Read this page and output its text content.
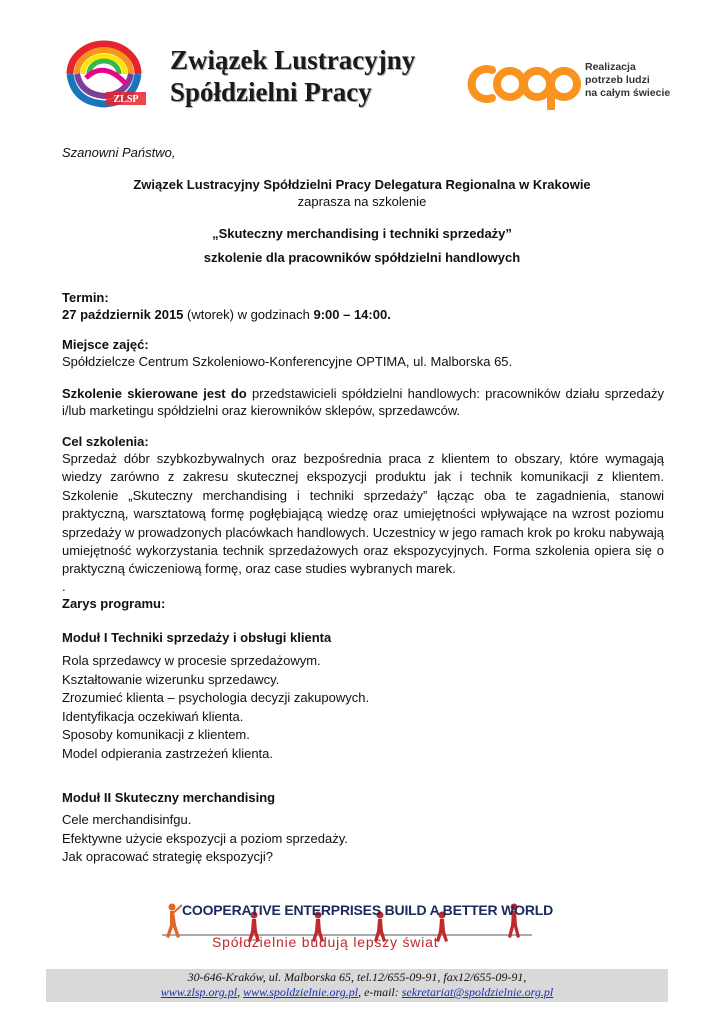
ZLSP
Związek Lustracyjny
Spółdzielni Pracy
coop
Realizacja
potrzeb ludzi
na całym świecie
Szanowni Państwo,
Związek Lustracyjny Spółdzielni Pracy Delegatura Regionalna w Krakowie
zaprasza na szkolenie
„Skuteczny merchandising i techniki sprzedaży”
szkolenie dla pracowników spółdzielni handlowych
Termin:
27 październik 2015 (wtorek) w godzinach 9:00 – 14:00.
Miejsce zajęć:
Spółdzielcze Centrum Szkoleniowo-Konferencyjne OPTIMA, ul. Malborska 65.
Szkolenie skierowane jest do przedstawicieli spółdzielni handlowych: pracowników działu sprzedaży i/lub marketingu spółdzielni oraz kierowników sklepów, sprzedawców.
Cel szkolenia:
Sprzedaż dóbr szybkozbywalnych oraz bezpośrednia praca z klientem to obszary, które wymagają wiedzy zarówno z zakresu skutecznej ekspozycji produktu jak i technik komunikacji z klientem. Szkolenie „Skuteczny merchandising i techniki sprzedaży” łącząc oba te zagadnienia, stanowi praktyczną, warsztatową formę pogłębiającą wiedzę oraz umiejętności wpływające na wzrost poziomu sprzedaży w prowadzonych placówkach handlowych. Uczestnicy w jego ramach krok po kroku nabywają umiejętność wykorzystania technik sprzedażowych oraz ekspozycyjnych. Forma szkolenia opiera się o praktyczną ćwiczeniową formę, oraz case studies wybranych marek.
.
Zarys programu:
Moduł I Techniki sprzedaży i obsługi klienta
Rola sprzedawcy w procesie sprzedażowym.
Kształtowanie wizerunku sprzedawcy.
Zrozumieć klienta – psychologia decyzji zakupowych.
Identyfikacja oczekiwań klienta.
Sposoby komunikacji z klientem.
Model odpierania zastrzeżeń klienta.
Moduł II Skuteczny merchandising
Cele merchandisinfgu.
Efektywne użycie ekspozycji a poziom sprzedaży.
Jak opracować strategię ekspozycji?
COOPERATIVE ENTERPRISES BUILD A BETTER WORLD
Spółdzielnie budują lepszy świat
30-646-Kraków, ul. Malborska 65, tel.12/655-09-91, fax12/655-09-91,
www.zlsp.org.pl, www.spoldzielnie.org.pl, e-mail: sekretariat@spoldzielnie.org.pl
